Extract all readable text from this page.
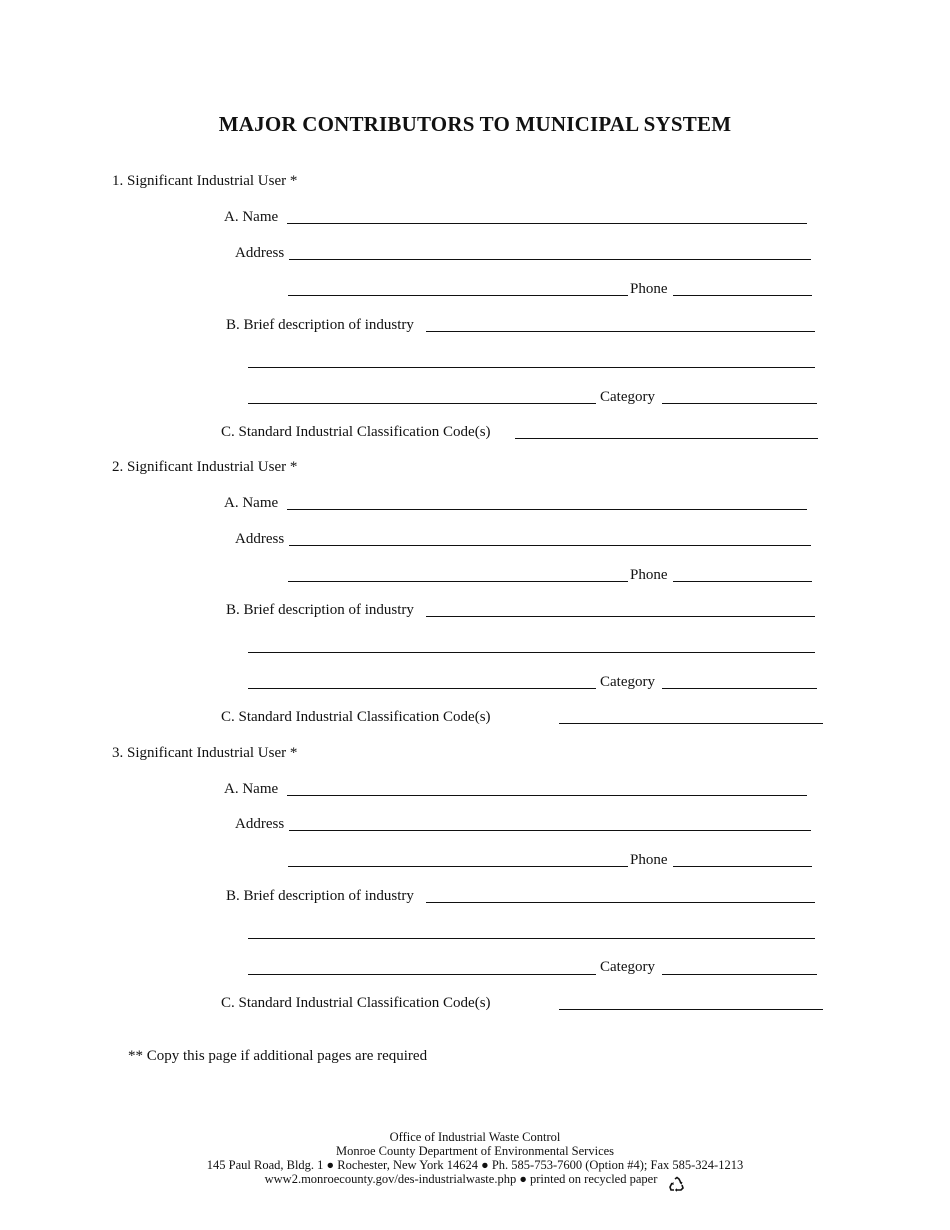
MAJOR CONTRIBUTORS TO MUNICIPAL SYSTEM
1. Significant Industrial User *
A. Name
Address
Phone
B. Brief description of industry
Category
C. Standard Industrial Classification Code(s)
2. Significant Industrial User *
A. Name
Address
Phone
B. Brief description of industry
Category
C. Standard Industrial Classification Code(s)
3. Significant Industrial User *
A. Name
Address
Phone
B. Brief description of industry
Category
C. Standard Industrial Classification Code(s)
** Copy this page if additional pages are required
Office of Industrial Waste Control
Monroe County Department of Environmental Services
145 Paul Road, Bldg. 1 ● Rochester, New York 14624 ● Ph. 585-753-7600 (Option #4); Fax 585-324-1213
www2.monroecounty.gov/des-industrialwaste.php ● printed on recycled paper
